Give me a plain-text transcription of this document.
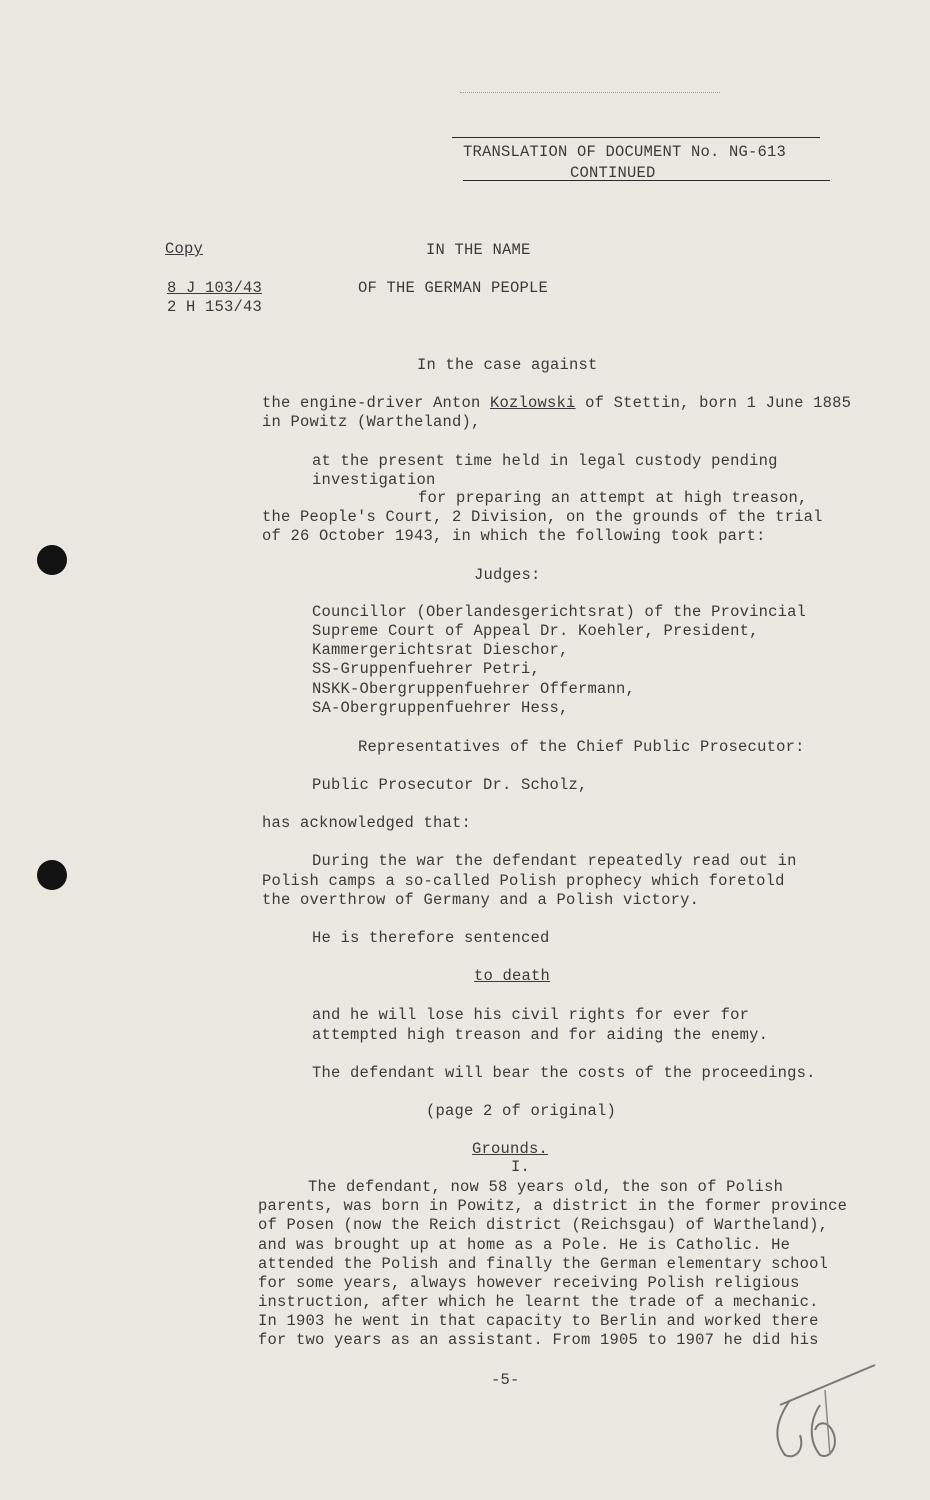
TRANSLATION OF DOCUMENT No. NG-613
CONTINUED
Copy
8 J 103/43
2 H 153/43
IN THE NAME
OF THE GERMAN PEOPLE
In the case against
the engine-driver Anton Kozlowski of Stettin, born 1 June 1885
in Powitz (Wartheland),
at the present time held in legal custody pending
investigation
for preparing an attempt at high treason,
the People's Court, 2 Division, on the grounds of the trial
of 26 October 1943, in which the following took part:
Judges:
Councillor (Oberlandesgerichtsrat) of the Provincial
Supreme Court of Appeal Dr. Koehler, President,
Kammergerichtsrat Dieschor,
SS-Gruppenfuehrer Petri,
NSKK-Obergruppenfuehrer Offermann,
SA-Obergruppenfuehrer Hess,
Representatives of the Chief Public Prosecutor:
Public Prosecutor Dr. Scholz,
has acknowledged that:
During the war the defendant repeatedly read out in
Polish camps a so-called Polish prophecy which foretold
the overthrow of Germany and a Polish victory.
He is therefore sentenced
to death
and he will lose his civil rights for ever for
attempted high treason and for aiding the enemy.
The defendant will bear the costs of the proceedings.
(page 2 of original)
Grounds.
I.
The defendant, now 58 years old, the son of Polish
parents, was born in Powitz, a district in the former province
of Posen (now the Reich district (Reichsgau) of Wartheland),
and was brought up at home as a Pole. He is Catholic. He
attended the Polish and finally the German elementary school
for some years, always however receiving Polish religious
instruction, after which he learnt the trade of a mechanic.
In 1903 he went in that capacity to Berlin and worked there
for two years as an assistant. From 1905 to 1907 he did his
-5-
